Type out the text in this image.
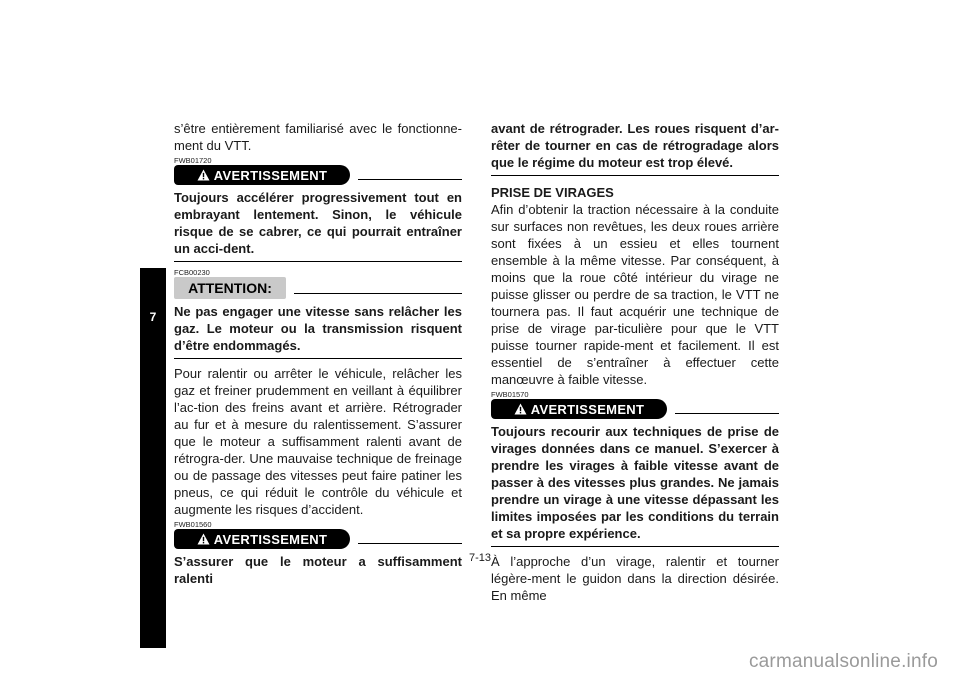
7

s’être entièrement familiarisé avec le fonctionne-ment du VTT.

FWB01720
AVERTISSEMENT

Toujours accélérer progressivement tout en embrayant lentement. Sinon, le véhicule risque de se cabrer, ce qui pourrait entraîner un acci-dent.

FCB00230
ATTENTION:

Ne pas engager une vitesse sans relâcher les gaz. Le moteur ou la transmission risquent d’être endommagés.

Pour ralentir ou arrêter le véhicule, relâcher les gaz et freiner prudemment en veillant à équilibrer l’ac-tion des freins avant et arrière. Rétrograder au fur et à mesure du ralentissement. S’assurer que le moteur a suffisamment ralenti avant de rétrogra-der. Une mauvaise technique de freinage ou de passage des vitesses peut faire patiner les pneus, ce qui réduit le contrôle du véhicule et augmente les risques d’accident.

FWB01560
AVERTISSEMENT

S’assurer que le moteur a suffisamment ralenti

avant de rétrograder. Les roues risquent d’ar-rêter de tourner en cas de rétrogradage alors que le régime du moteur est trop élevé.

PRISE DE VIRAGES

Afin d’obtenir la traction nécessaire à la conduite sur surfaces non revêtues, les deux roues arrière sont fixées à un essieu et elles tournent ensemble à la même vitesse. Par conséquent, à moins que la roue côté intérieur du virage ne puisse glisser ou perdre de sa traction, le VTT ne tournera pas. Il faut acquérir une technique de prise de virage par-ticulière pour que le VTT puisse tourner rapide-ment et facilement. Il est essentiel de s’entraîner à effectuer cette manœuvre à faible vitesse.

FWB01570
AVERTISSEMENT

Toujours recourir aux techniques de prise de virages données dans ce manuel. S’exercer à prendre les virages à faible vitesse avant de passer à des vitesses plus grandes. Ne jamais prendre un virage à une vitesse dépassant les limites imposées par les conditions du terrain et sa propre expérience.

À l’approche d’un virage, ralentir et tourner légère-ment le guidon dans la direction désirée. En même

7-13
carmanualsonline.info
